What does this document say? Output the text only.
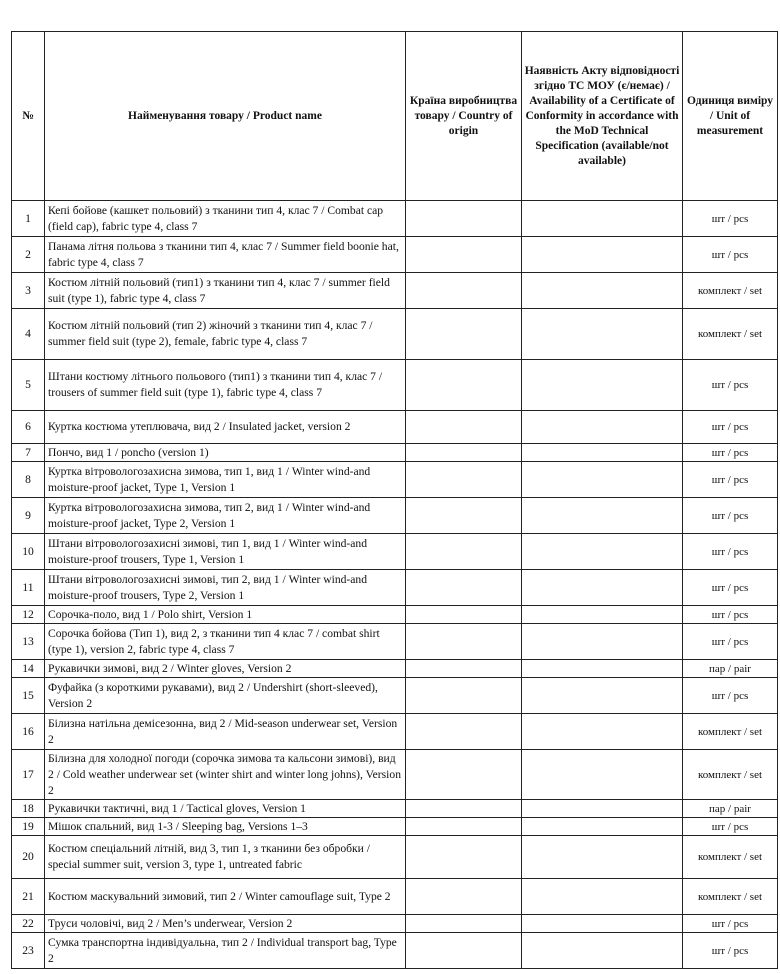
№	Найменування товару / Product name	Країна виробництва товару / Country of origin	Наявність Акту відповідності згідно ТС МОУ (є/немає) / Availability of a Certificate of Conformity in accordance with the MoD Technical Specification (available/not available)	Одиниця виміру / Unit of measurement
1	Кепі бойове (кашкет польовий) з тканини тип 4, клас 7 / Combat cap (field cap), fabric type 4, class 7			шт / pcs
2	Панама літня польова з тканини тип 4, клас 7 / Summer field boonie hat, fabric type 4, class 7			шт / pcs
3	Костюм літній польовий (тип1) з тканини тип 4, клас 7 / summer field suit (type 1), fabric type 4, class 7			комплект / set
4	Костюм літній польовий (тип 2) жіночий з тканини тип 4, клас 7 / summer field suit (type 2), female, fabric type 4, class 7			комплект / set
5	Штани костюму літнього польового (тип1) з тканини тип 4, клас 7 / trousers of summer field suit (type 1), fabric type 4, class 7			шт / pcs
6	Куртка костюма утеплювача, вид 2 / Insulated jacket, version 2			шт / pcs
7	Пончо, вид 1 / poncho (version 1)			шт / pcs
8	Куртка вітровологозахисна зимова, тип 1, вид 1 / Winter wind-and moisture-proof jacket, Type 1, Version 1			шт / pcs
9	Куртка вітровологозахисна зимова, тип 2, вид 1 / Winter wind-and moisture-proof jacket, Type 2, Version 1			шт / pcs
10	Штани вітровологозахисні зимові, тип 1, вид 1 / Winter wind-and moisture-proof trousers, Type 1, Version 1			шт / pcs
11	Штани вітровологозахисні зимові, тип 2, вид 1 / Winter wind-and moisture-proof trousers, Type 2, Version 1			шт / pcs
12	Сорочка-поло, вид 1 / Polo shirt, Version 1			шт / pcs
13	Сорочка бойова (Тип 1), вид 2, з тканини тип 4 клас 7 / combat shirt (type 1), version 2, fabric type 4, class 7			шт / pcs
14	Рукавички зимові, вид 2 / Winter gloves, Version 2			пар / pair
15	Фуфайка (з короткими рукавами), вид 2 / Undershirt (short-sleeved), Version 2			шт / pcs
16	Білизна натільна демісезонна, вид 2 / Mid-season underwear set, Version 2			комплект / set
17	Білизна для холодної погоди (сорочка зимова та кальсони зимові), вид 2 / Cold weather underwear set (winter shirt and winter long johns), Version 2			комплект / set
18	Рукавички тактичні, вид 1 / Tactical gloves, Version 1			пар / pair
19	Мішок спальний, вид 1-3 / Sleeping bag, Versions 1–3			шт / pcs
20	Костюм спеціальний літній, вид 3, тип 1, з тканини без обробки / special summer suit, version 3, type 1, untreated fabric			комплект / set
21	Костюм маскувальний зимовий, тип 2 / Winter camouflage suit, Type 2			комплект / set
22	Труси чоловічі, вид 2 / Men’s underwear, Version 2			шт / pcs
23	Сумка транспортна індивідуальна, тип 2 / Individual transport bag, Type 2			шт / pcs
